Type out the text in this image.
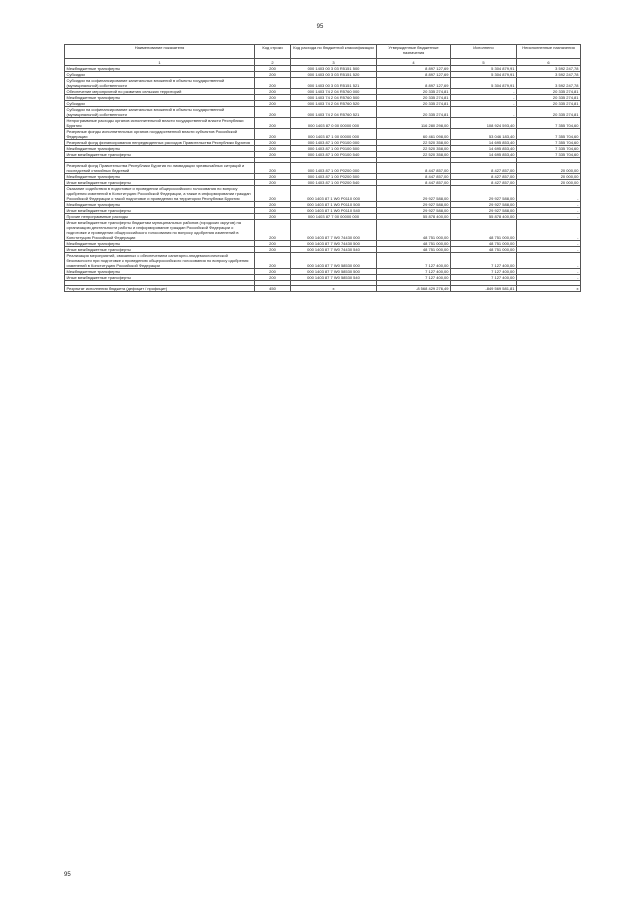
95
Наименование показателя	Код строки	Код расхода по бюджетной классификации	Утвержденные бюджетные назначения	Исполнено	Неисполненные назначения
1	2	3	4	5	6
Межбюджетные трансферты	200	000 1403 00 3 03 R5151 500	8 897 127,69	5 304 879,91	3 592 247,78
Субсидии	200	000 1403 00 3 03 R5151 520	8 897 127,69	5 304 879,91	3 592 247,78
Субсидии на софинансирование капитальных вложений в объекты государственной (муниципальной) собственности	200	000 1403 00 3 03 R5151 521	8 897 127,69	5 304 879,91	3 592 247,78
Обеспечение мероприятий по развитию сельских территорий	200	000 1403 74 2 04 R5760 000	20 335 274,81	-	20 335 274,81
Межбюджетные трансферты	200	000 1403 74 2 04 R5760 500	20 335 274,81	-	20 335 274,81
Субсидии	200	000 1403 74 2 04 R5760 520	20 335 274,81	-	20 335 274,81
Субсидии на софинансирование капитальных вложений в объекты государственной (муниципальной) собственности	200	000 1403 74 2 04 R5760 521	20 335 274,81	-	20 335 274,81
Непрограммные расходы органов исполнительной власти государственной власти Республики Бурятия	200	000 1403 87 0 00 00000 000	116 280 298,00	108 924 593,40	7 355 704,60
Резервные фонды исполнительных органов государственной власти субъектов Российской Федерации	200	000 1403 87 1 00 00000 000	60 461 098,00	53 046 183,40	7 355 704,60
Резервный фонд финансирования непредвиденных расходов Правительства Республики Бурятия	200	000 1403 87 1 00 P0100 000	22 520 358,00	14 695 853,40	7 355 704,60
Межбюджетные трансферты	200	000 1403 87 1 00 P0100 500	22 520 358,00	14 695 853,40	7 335 704,60
Иные межбюджетные трансферты	200	000 1403 87 1 00 P0100 540	22 520 358,00	14 695 853,40	7 335 704,60

Резервный фонд Правительства Республики Бурятия по ликвидации чрезвычайных ситуаций и последствий стихийных бедствий	200	000 1403 87 1 00 P0200 000	8 447 857,00	8 427 857,00	20 000,00
Межбюджетные трансферты	200	000 1403 87 1 00 P0200 500	8 447 857,00	8 427 857,00	20 000,00
Иные межбюджетные трансферты	200	000 1403 87 1 00 P0200 540	8 447 857,00	8 427 857,00	20 000,00
Оказание содействия в подготовке и проведении общероссийского голосования по вопросу одобрения изменений в Конституцию Российской Федерации, а также в информировании граждан Российской Федерации о такой подготовке и проведении на территории Республики Бурятия	200	000 1403 87 1 W0 P0110 000	29 927 588,00	29 927 588,00	-
Межбюджетные трансферты	200	000 1403 87 1 W0 P0110 500	29 927 588,00	29 927 588,00	-
Иные межбюджетные трансферты	200	000 1403 87 1 W0 P0110 540	29 927 588,00	29 927 588,00	-
Прочие непрограммные расходы	200	000 1403 87 7 00 00000 000	55 878 400,00	55 878 400,00	-
Иные межбюджетные трансферты бюджетам муниципальных районов (городских округов) на организацию деятельности работы и информирование граждан Российской Федерации о подготовке и проведении общероссийского голосования по вопросу одобрения изменений в Конституцию Российской Федерации	200	000 1403 87 7 W0 74430 000	48 751 000,00	48 751 000,00	-
Межбюджетные трансферты	200	000 1403 87 7 W0 74430 500	48 751 000,00	48 751 000,00	-
Иные межбюджетные трансферты	200	000 1403 87 7 W0 74430 540	48 751 000,00	48 751 000,00	-
Реализация мероприятий, связанных с обеспечением санитарно-эпидемиологической безопасности при подготовке к проведению общероссийского голосования по вопросу одобрения изменений в Конституцию Российской Федерации	200	000 1403 87 7 W0 58530 000	7 127 400,00	7 127 400,00	-
Межбюджетные трансферты	200	000 1403 87 7 W0 58530 500	7 127 400,00	7 127 400,00	-
Иные межбюджетные трансферты	200	000 1403 87 7 W0 58530 540	7 127 400,00	7 127 400,00	-

Результат исполнения бюджета (дефицит / профицит)	450	x	-8 568 429 276,49	-849 569 581,81	x
95
